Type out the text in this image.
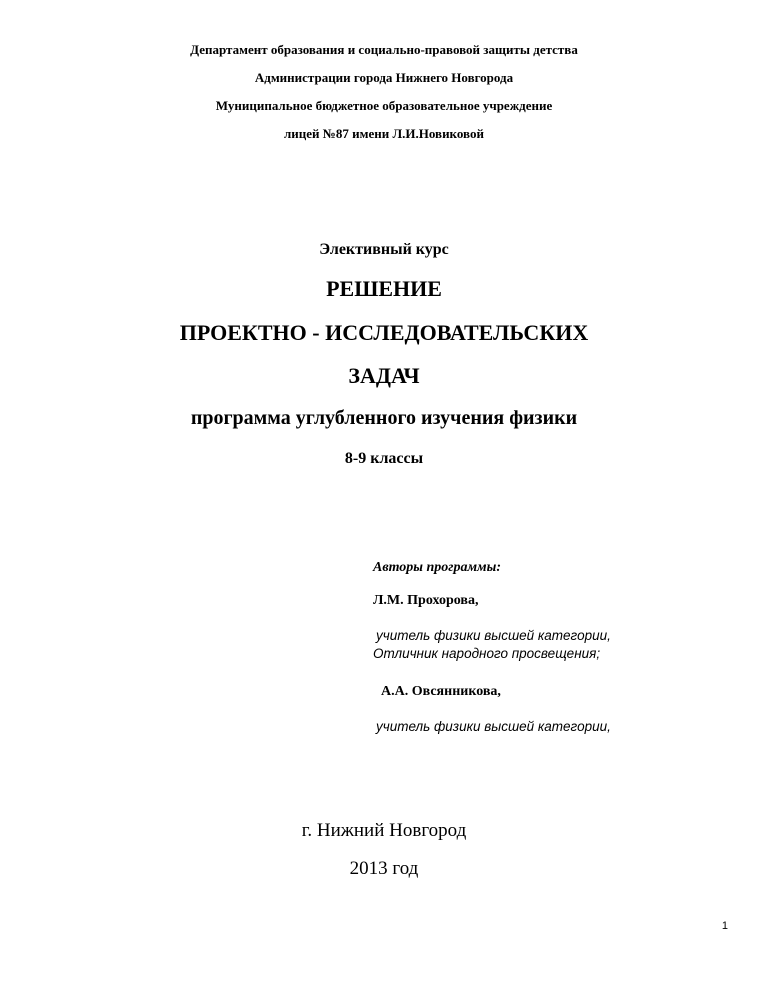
Департамент образования и социально-правовой защиты детства
Администрации города Нижнего Новгорода
Муниципальное бюджетное образовательное учреждение
лицей №87 имени Л.И.Новиковой
Элективный курс
РЕШЕНИЕ
ПРОЕКТНО - ИССЛЕДОВАТЕЛЬСКИХ
ЗАДАЧ
программа углубленного изучения физики
8-9 классы
Авторы программы:
Л.М. Прохорова,
учитель физики высшей категории,
Отличник народного просвещения;
А.А. Овсянникова,
учитель физики высшей категории,
г. Нижний Новгород
2013 год
1
